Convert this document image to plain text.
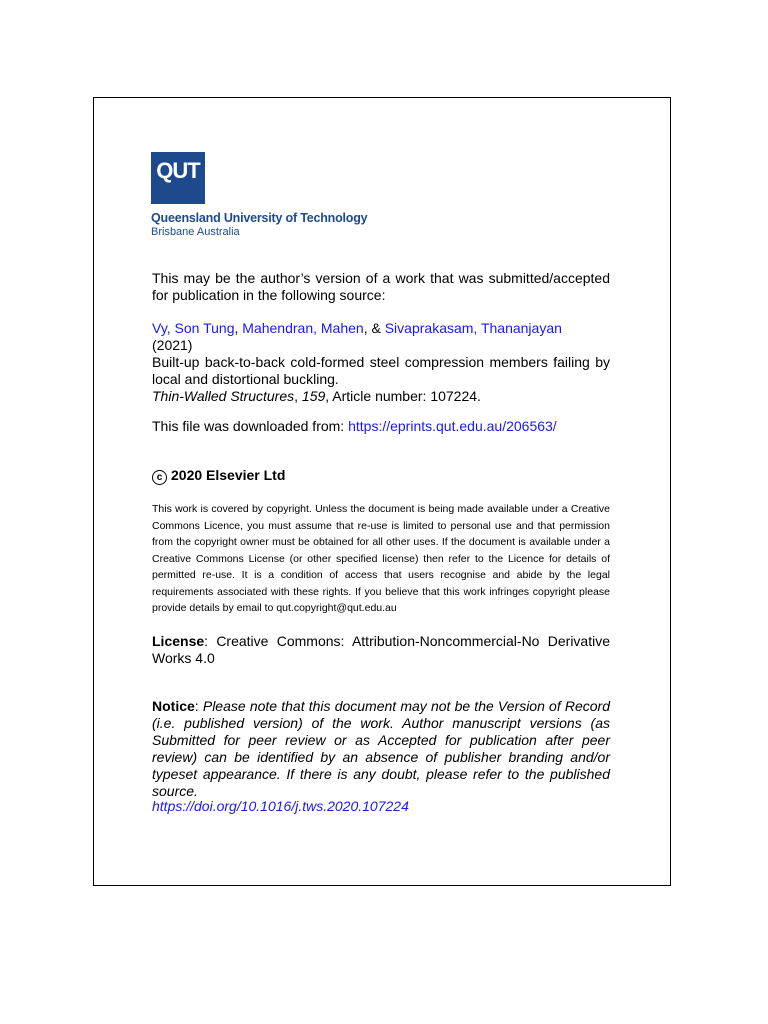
QUT
Queensland University of Technology
Brisbane Australia
This may be the author’s version of a work that was submitted/accepted for publication in the following source:
Vy, Son Tung, Mahendran, Mahen, & Sivaprakasam, Thananjayan
(2021)
Built-up back-to-back cold-formed steel compression members failing by local and distortional buckling.
Thin-Walled Structures, 159, Article number: 107224.
This file was downloaded from: https://eprints.qut.edu.au/206563/
c 2020 Elsevier Ltd
This work is covered by copyright. Unless the document is being made available under a Creative Commons Licence, you must assume that re-use is limited to personal use and that permission from the copyright owner must be obtained for all other uses. If the document is available under a Creative Commons License (or other specified license) then refer to the Licence for details of permitted re-use. It is a condition of access that users recognise and abide by the legal requirements associated with these rights. If you believe that this work infringes copyright please provide details by email to qut.copyright@qut.edu.au
License: Creative Commons: Attribution-Noncommercial-No Derivative Works 4.0
Notice: Please note that this document may not be the Version of Record (i.e. published version) of the work. Author manuscript versions (as Submitted for peer review or as Accepted for publication after peer review) can be identified by an absence of publisher branding and/or typeset appearance. If there is any doubt, please refer to the published source.
https://doi.org/10.1016/j.tws.2020.107224
